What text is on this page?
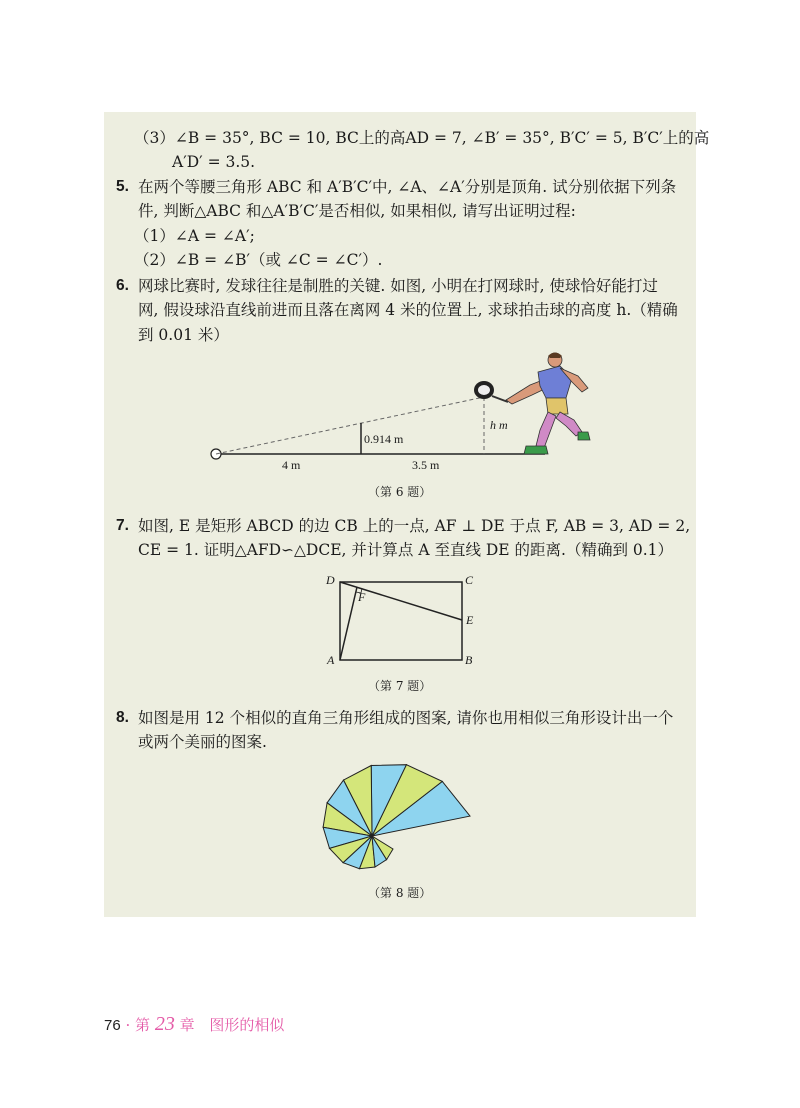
（3）∠B = 35°, BC = 10, BC上的高AD = 7, ∠B′ = 35°, B′C′ = 5, B′C′上的高
A′D′ = 3.5.
5. 在两个等腰三角形 ABC 和 A′B′C′中, ∠A、∠A′分别是顶角. 试分别依据下列条
件, 判断△ABC 和△A′B′C′是否相似, 如果相似, 请写出证明过程:
（1）∠A = ∠A′;
（2）∠B = ∠B′（或 ∠C = ∠C′）.
6. 网球比赛时, 发球往往是制胜的关键. 如图, 小明在打网球时, 使球恰好能打过
网, 假设球沿直线前进而且落在离网 4 米的位置上, 求球拍击球的高度 h.（精确
到 0.01 米）
0.914 m
h m
4 m	3.5 m
（第 6 题）
7. 如图, E 是矩形 ABCD 的边 CB 上的一点, AF ⊥ DE 于点 F, AB = 3, AD = 2,
CE = 1. 证明△AFD∽△DCE, 并计算点 A 至直线 DE 的距离.（精确到 0.1）
D	C
F
E
A	B
（第 7 题）
8. 如图是用 12 个相似的直角三角形组成的图案, 请你也用相似三角形设计出一个
或两个美丽的图案.
（第 8 题）
76 · 第 23 章 图形的相似
